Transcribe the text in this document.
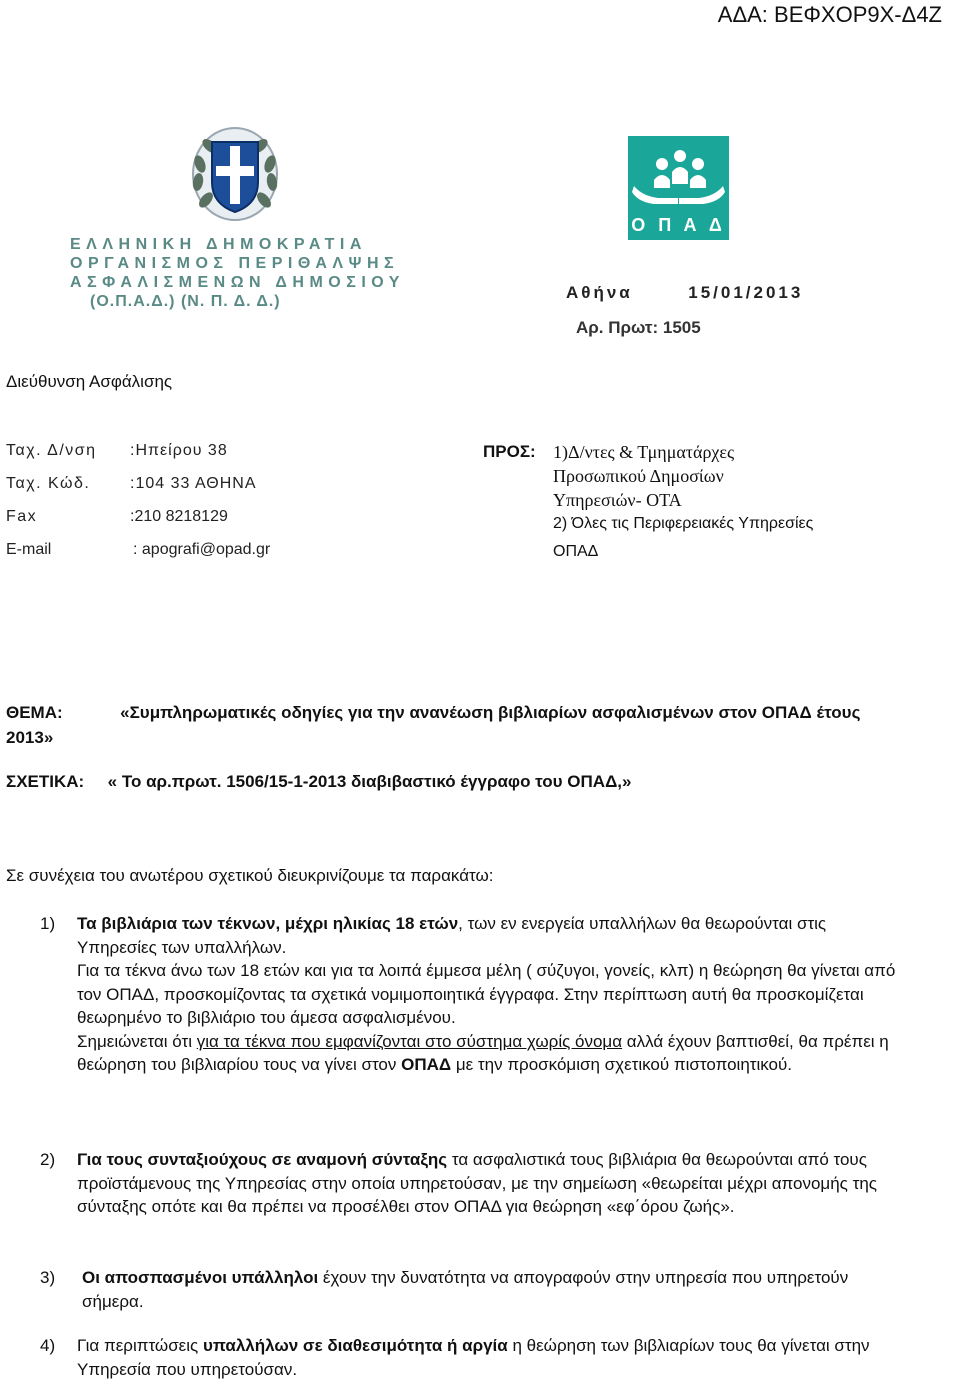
ΑΔΑ: ΒΕΦΧΟΡ9Χ-Δ4Ζ
Ο Π Α Δ
ΕΛΛΗΝΙΚΗ ΔΗΜΟΚΡΑΤΙΑ
ΟΡΓΑΝΙΣΜΟΣ ΠΕΡΙΘΑΛΨΗΣ
ΑΣΦΑΛΙΣΜΕΝΩΝ ΔΗΜΟΣΙΟΥ
(Ο.Π.Α.Δ.) (Ν. Π. Δ. Δ.)	Αθήνα	15/01/2013
Αρ. Πρωτ: 1505
Διεύθυνση Ασφάλισης
Ταχ. Δ/νση :Ηπείρου 38
Ταχ. Κώδ. :104 33 ΑΘΗΝΑ
Fax	:210 8218129
E-mail	: apografi@opad.gr
ΠΡΟΣ: 1)Δ/ντες & Τμηματάρχες
Προσωπικού Δημοσίων
Υπηρεσιών- ΟΤΑ
2) Όλες τις Περιφερειακές Υπηρεσίες
ΟΠΑΔ
ΘΕΜΑ:	«Συμπληρωματικές οδηγίες για την ανανέωση βιβλιαρίων ασφαλισμένων στον ΟΠΑΔ έτους 2013»
ΣΧΕΤΙΚΑ: « Το αρ.πρωτ. 1506/15-1-2013 διαβιβαστικό έγγραφο του ΟΠΑΔ,»
Σε συνέχεια του ανωτέρου σχετικού διευκρινίζουμε τα παρακάτω:
1) Τα βιβλιάρια των τέκνων, μέχρι ηλικίας 18 ετών, των εν ενεργεία υπαλλήλων θα θεωρούνται στις Υπηρεσίες των υπαλλήλων.
Για τα τέκνα άνω των 18 ετών και για τα λοιπά έμμεσα μέλη ( σύζυγοι, γονείς, κλπ) η θεώρηση θα γίνεται από τον ΟΠΑΔ, προσκομίζοντας τα σχετικά νομιμοποιητικά έγγραφα. Στην περίπτωση αυτή θα προσκομίζεται θεωρημένο το βιβλιάριο του άμεσα ασφαλισμένου.
Σημειώνεται ότι για τα τέκνα που εμφανίζονται στο σύστημα χωρίς όνομα αλλά έχουν βαπτισθεί, θα πρέπει η θεώρηση του βιβλιαρίου τους να γίνει στον ΟΠΑΔ με την προσκόμιση σχετικού πιστοποιητικού.
2) Για τους συνταξιούχους σε αναμονή σύνταξης τα ασφαλιστικά τους βιβλιάρια θα θεωρούνται από τους προϊστάμενους της Υπηρεσίας στην οποία υπηρετούσαν, με την σημείωση «θεωρείται μέχρι απονομής της σύνταξης οπότε και θα πρέπει να προσέλθει στον ΟΠΑΔ για θεώρηση «εφ΄όρου ζωής».
3) Οι αποσπασμένοι υπάλληλοι έχουν την δυνατότητα να απογραφούν στην υπηρεσία που υπηρετούν σήμερα.
4) Για περιπτώσεις υπαλλήλων σε διαθεσιμότητα ή αργία η θεώρηση των βιβλιαρίων τους θα γίνεται στην Υπηρεσία που υπηρετούσαν.
